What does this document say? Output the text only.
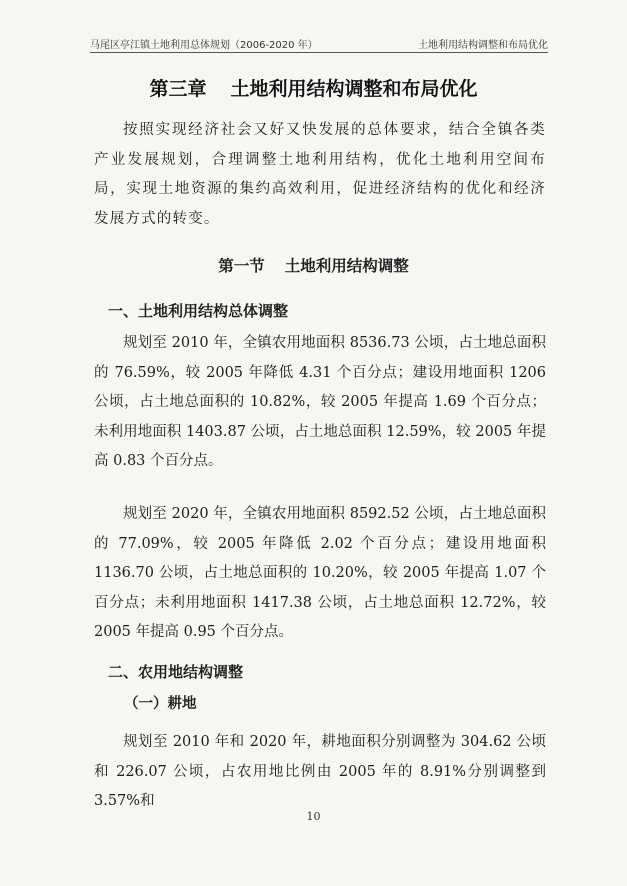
马尾区亭江镇土地利用总体规划（2006-2020 年）	土地利用结构调整和布局优化
第三章 土地利用结构调整和布局优化
按照实现经济社会又好又快发展的总体要求，结合全镇各类产业发展规划，合理调整土地利用结构，优化土地利用空间布局，实现土地资源的集约高效利用，促进经济结构的优化和经济发展方式的转变。
第一节 土地利用结构调整
一、土地利用结构总体调整
规划至 2010 年，全镇农用地面积 8536.73 公顷，占土地总面积的 76.59%，较 2005 年降低 4.31 个百分点；建设用地面积 1206 公顷，占土地总面积的 10.82%，较 2005 年提高 1.69 个百分点；未利用地面积 1403.87 公顷，占土地总面积 12.59%，较 2005 年提高 0.83 个百分点。
规划至 2020 年，全镇农用地面积 8592.52 公顷，占土地总面积的 77.09%，较 2005 年降低 2.02 个百分点；建设用地面积 1136.70 公顷，占土地总面积的 10.20%，较 2005 年提高 1.07 个百分点；未利用地面积 1417.38 公顷，占土地总面积 12.72%，较 2005 年提高 0.95 个百分点。
二、农用地结构调整
（一）耕地
规划至 2010 年和 2020 年，耕地面积分别调整为 304.62 公顷和 226.07 公顷，占农用地比例由 2005 年的 8.91%分别调整到 3.57%和
10
